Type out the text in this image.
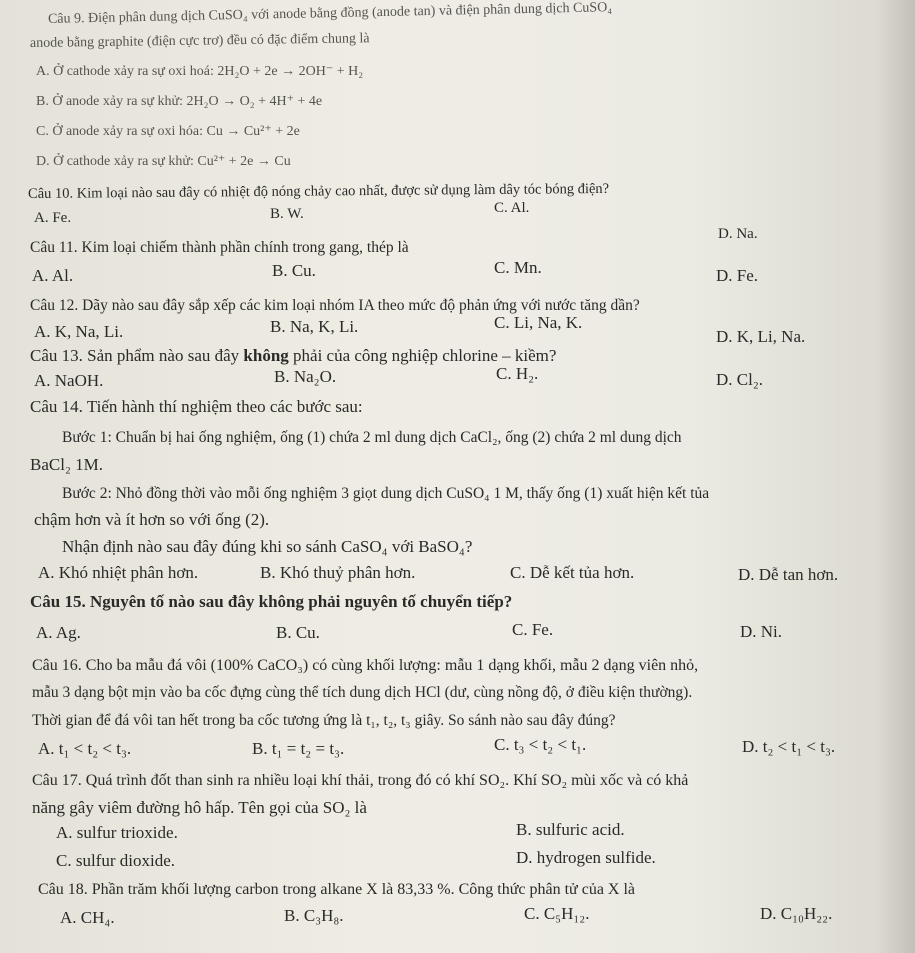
Câu 9. Điện phân dung dịch CuSO₄ với anode bằng đồng (anode tan) và điện phân dung dịch CuSO₄
anode bằng graphite (điện cực trơ) đều có đặc điểm chung là
A. Ở cathode xảy ra sự oxi hoá: 2H₂O + 2e → 2OH⁻ + H₂
B. Ở anode xảy ra sự khử: 2H₂O → O₂ + 4H⁺ + 4e
C. Ở anode xảy ra sự oxi hóa: Cu → Cu²⁺ + 2e
D. Ở cathode xảy ra sự khử: Cu²⁺ + 2e → Cu
Câu 10. Kim loại nào sau đây có nhiệt độ nóng chảy cao nhất, được sử dụng làm dây tóc bóng điện?
A. Fe.	B. W.	C. Al.
D. Na.
Câu 11. Kim loại chiếm thành phần chính trong gang, thép là
A. Al.	B. Cu.	C. Mn.	D. Fe.
Câu 12. Dãy nào sau đây sắp xếp các kim loại nhóm IA theo mức độ phản ứng với nước tăng dần?
A. K, Na, Li.	B. Na, K, Li.	C. Li, Na, K.
D. K, Li, Na.
Câu 13. Sản phẩm nào sau đây không phải của công nghiệp chlorine – kiềm?
A. NaOH.	B. Na₂O.	C. H₂.	D. Cl₂.
Câu 14. Tiến hành thí nghiệm theo các bước sau:
Bước 1: Chuẩn bị hai ống nghiệm, ống (1) chứa 2 ml dung dịch CaCl₂, ống (2) chứa 2 ml dung dịch
BaCl₂ 1M.
Bước 2: Nhỏ đồng thời vào mỗi ống nghiệm 3 giọt dung dịch CuSO₄ 1 M, thấy ống (1) xuất hiện kết tủa
chậm hơn và ít hơn so với ống (2).
Nhận định nào sau đây đúng khi so sánh CaSO₄ với BaSO₄?
A. Khó nhiệt phân hơn.	B. Khó thuỷ phân hơn.	C. Dễ kết tủa hơn.	D. Dễ tan hơn.
Câu 15. Nguyên tố nào sau đây không phải nguyên tố chuyển tiếp?
A. Ag.	B. Cu.	C. Fe.	D. Ni.
Câu 16. Cho ba mẫu đá vôi (100% CaCO₃) có cùng khối lượng: mẫu 1 dạng khối, mẫu 2 dạng viên nhỏ,
mẫu 3 dạng bột mịn vào ba cốc đựng cùng thể tích dung dịch HCl (dư, cùng nồng độ, ở điều kiện thường).
Thời gian để đá vôi tan hết trong ba cốc tương ứng là t₁, t₂, t₃ giây. So sánh nào sau đây đúng?
A. t₁ < t₂ < t₃.	B. t₁ = t₂ = t₃.	C. t₃ < t₂ < t₁.	D. t₂ < t₁ < t₃.
Câu 17. Quá trình đốt than sinh ra nhiều loại khí thải, trong đó có khí SO₂. Khí SO₂ mùi xốc và có khả
năng gây viêm đường hô hấp. Tên gọi của SO₂ là
A. sulfur trioxide.	B. sulfuric acid.
C. sulfur dioxide.	D. hydrogen sulfide.
Câu 18. Phần trăm khối lượng carbon trong alkane X là 83,33 %. Công thức phân tử của X là
A. CH₄.	B. C₃H₈.	C. C₅H₁₂.	D. C₁₀H₂₂.
